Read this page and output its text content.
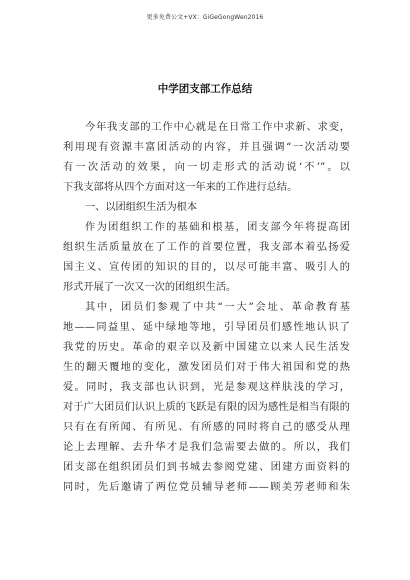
更多免费公文+VX：GiGeGongWen2016
中学团支部工作总结
今年我支部的工作中心就是在日常工作中求新、求变，
利用现有资源丰富团活动的内容，并且强调“一次活动要
有一次活动的效果，向一切走形式的活动说‘不’”。以
下我支部将从四个方面对这一年来的工作进行总结。
一、以团组织生活为根本
作为团组织工作的基础和根基，团支部今年将提高团
组织生活质量放在了工作的首要位置，我支部本着弘扬爱
国主义、宣传团的知识的目的，以尽可能丰富、吸引人的
形式开展了一次又一次的团组织生活。
其中，团员们参观了中共“一大”会址、革命教育基
地——同益里、延中绿地等地，引导团员们感性地认识了
我党的历史。革命的艰辛以及新中国建立以来人民生活发
生的翻天覆地的变化，激发团员们对于伟大祖国和党的热
爱。同时，我支部也认识到，光是参观这样肤浅的学习，
对于广大团员们认识上质的飞跃是有限的因为感性是相当有限的
只有在有所闻、有所见、有所感的同时将自己的感受从理
论上去理解、去升华才是我们急需要去做的。所以，我们
团支部在组织团员们到书城去参阅党建、团建方面资料的
同时，先后邀请了两位党员辅导老师——顾美芳老师和朱
